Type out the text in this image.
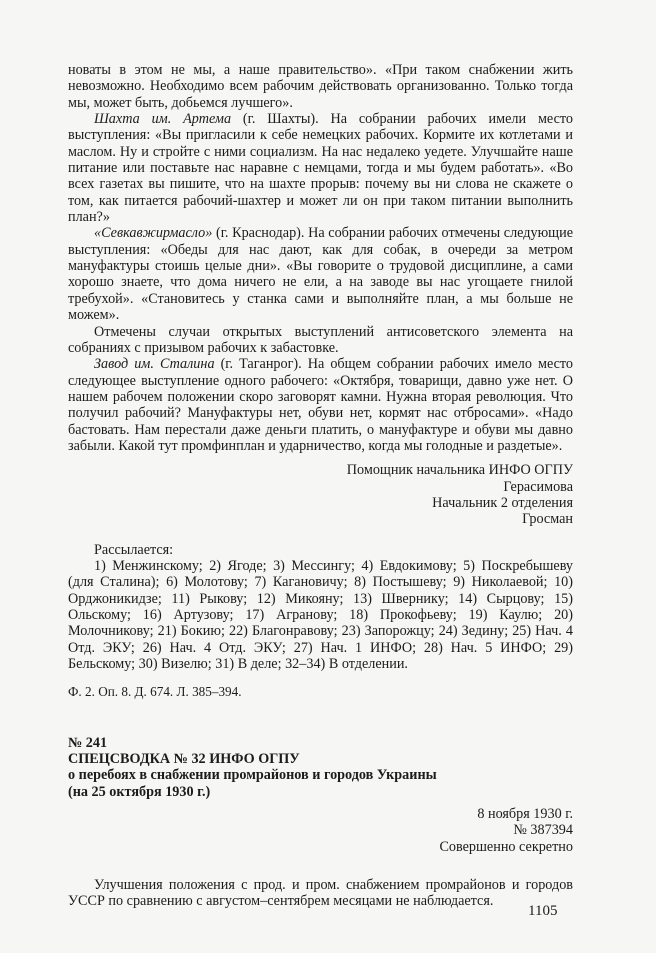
новаты в этом не мы, а наше правительство». «При таком снабжении жить невозможно. Необходимо всем рабочим действовать организованно. Только тогда мы, может быть, добьемся лучшего».

Шахта им. Артема (г. Шахты). На собрании рабочих имели место выступления: «Вы пригласили к себе немецких рабочих. Кормите их котлетами и маслом. Ну и стройте с ними социализм. На нас недалеко уедете. Улучшайте наше питание или поставьте нас наравне с немцами, тогда и мы будем работать». «Во всех газетах вы пишите, что на шахте прорыв: почему вы ни слова не скажете о том, как питается рабочий-шахтер и может ли он при таком питании выполнить план?»

«Севкавжирмасло» (г. Краснодар). На собрании рабочих отмечены следующие выступления: «Обеды для нас дают, как для собак, в очереди за метром мануфактуры стоишь целые дни». «Вы говорите о трудовой дисциплине, а сами хорошо знаете, что дома ничего не ели, а на заводе вы нас угощаете гнилой требухой». «Становитесь у станка сами и выполняйте план, а мы больше не можем».

Отмечены случаи открытых выступлений антисоветского элемента на собраниях с призывом рабочих к забастовке.

Завод им. Сталина (г. Таганрог). На общем собрании рабочих имело место следующее выступление одного рабочего: «Октября, товарищи, давно уже нет. О нашем рабочем положении скоро заговорят камни. Нужна вторая революция. Что получил рабочий? Мануфактуры нет, обуви нет, кормят нас отбросами». «Надо бастовать. Нам перестали даже деньги платить, о мануфактуре и обуви мы давно забыли. Какой тут промфинплан и ударничество, когда мы голодные и раздетые».

Помощник начальника ИНФО ОГПУ

Герасимова

Начальник 2 отделения

Гросман

Рассылается:

1) Менжинскому; 2) Ягоде; 3) Мессингу; 4) Евдокимову; 5) Поскребышеву (для Сталина); 6) Молотову; 7) Кагановичу; 8) Постышеву; 9) Николаевой; 10) Орджоникидзе; 11) Рыкову; 12) Микояну; 13) Швернику; 14) Сырцову; 15) Ольскому; 16) Артузову; 17) Агранову; 18) Прокофьеву; 19) Каулю; 20) Молочникову; 21) Бокию; 22) Благонравову; 23) Запорожцу; 24) Зедину; 25) Нач. 4 Отд. ЭКУ; 26) Нач. 4 Отд. ЭКУ; 27) Нач. 1 ИНФО; 28) Нач. 5 ИНФО; 29) Бельскому; 30) Визелю; 31) В деле; 32–34) В отделении.

Ф. 2. Оп. 8. Д. 674. Л. 385–394.

№ 241

СПЕЦСВОДКА № 32 ИНФО ОГПУ

о перебоях в снабжении промрайонов и городов Украины

(на 25 октября 1930 г.)

8 ноября 1930 г.

№ 387394

Совершенно секретно

Улучшения положения с прод. и пром. снабжением промрайонов и городов УССР по сравнению с августом–сентябрем месяцами не наблюдается.

1105
